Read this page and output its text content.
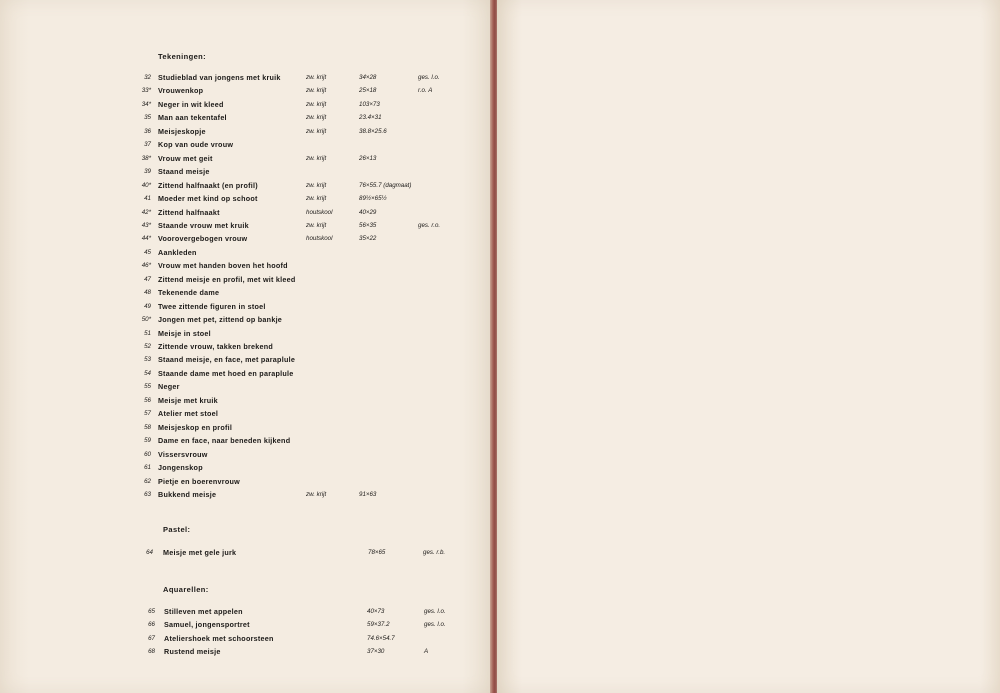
Tekeningen:
32 Studieblad van jongens met kruik	zw. krijt	34×28	ges. l.o.
33* Vrouwenkop	zw. krijt	25×18	r.o. A
34* Neger in wit kleed	zw. krijt	103×73
35 Man aan tekentafel	zw. krijt	23.4×31
36 Meisjeskopje	zw. krijt	38.8×25.6
37 Kop van oude vrouw
38* Vrouw met geit	zw. krijt	26×13
39 Staand meisje
40* Zittend halfnaakt (en profil)	zw. krijt	76×55.7 (dagmaat)
41 Moeder met kind op schoot	zw. krijt	89½×65½
42* Zittend halfnaakt	houtskool	40×29
43* Staande vrouw met kruik	zw. krijt	56×35	ges. r.o.
44* Voorovergebogen vrouw	houtskool	35×22
45 Aankleden
46* Vrouw met handen boven het hoofd
47 Zittend meisje en profil, met wit kleed
48 Tekenende dame
49 Twee zittende figuren in stoel
50* Jongen met pet, zittend op bankje
51 Meisje in stoel
52 Zittende vrouw, takken brekend
53 Staand meisje, en face, met paraplule
54 Staande dame met hoed en paraplule
55 Neger
56 Meisje met kruik
57 Atelier met stoel
58 Meisjeskop en profil
59 Dame en face, naar beneden kijkend
60 Vissersvrouw
61 Jongenskop
62 Pietje en boerenvrouw
63 Bukkend meisje	zw. krijt	91×63
Pastel:
64 Meisje met gele jurk	78×65	ges. r.b.
Aquarellen:
65 Stilleven met appelen	40×73	ges. l.o.
66 Samuel, jongensportret	59×37.2	ges. l.o.
67 Ateliershoek met schoorsteen	74.6×54.7
68 Rustend meisje	37×30	A
